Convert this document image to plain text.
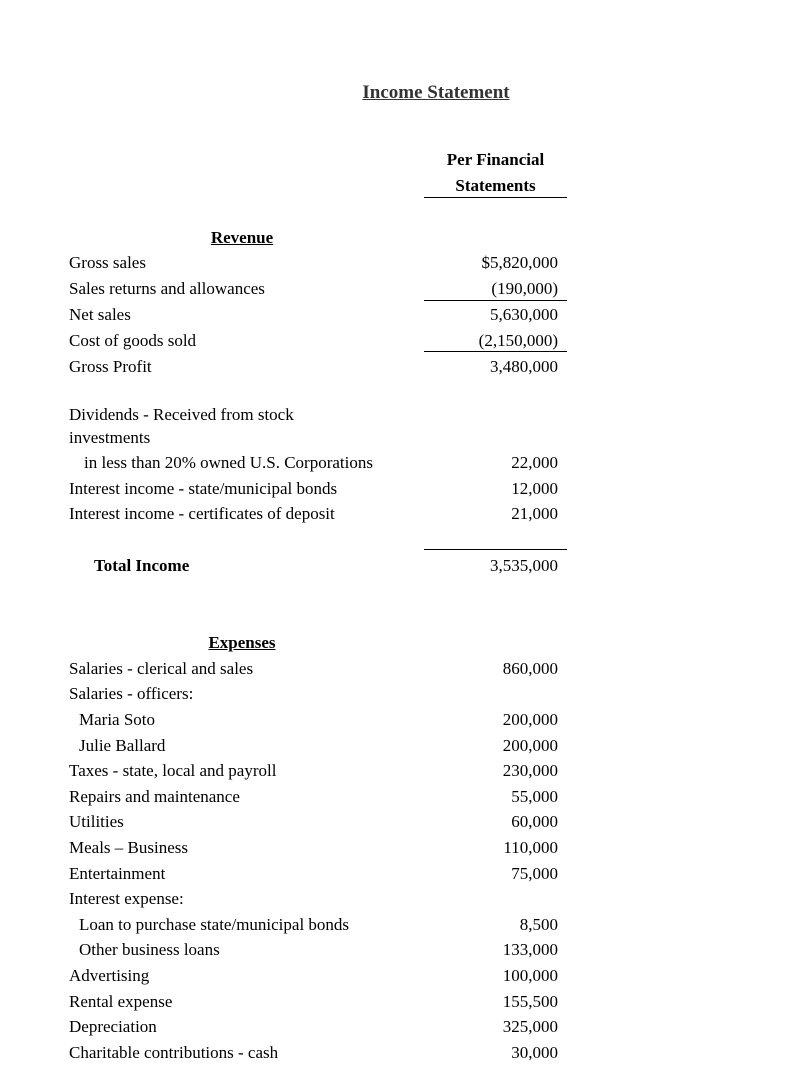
Income Statement
Per Financial
Statements
Revenue
Gross sales	$5,820,000
Sales returns and allowances	(190,000)
Net sales	5,630,000
Cost of goods sold	(2,150,000)
Gross Profit	3,480,000
Dividends - Received from stock
investments
in less than 20% owned U.S. Corporations	22,000
Interest income - state/municipal bonds	12,000
Interest income - certificates of deposit	21,000
Total Income	3,535,000
Expenses
Salaries - clerical and sales	860,000
Salaries - officers:
Maria Soto	200,000
Julie Ballard	200,000
Taxes - state, local and payroll	230,000
Repairs and maintenance	55,000
Utilities	60,000
Meals – Business	110,000
Entertainment	75,000
Interest expense:
Loan to purchase state/municipal bonds	8,500
Other business loans	133,000
Advertising	100,000
Rental expense	155,500
Depreciation	325,000
Charitable contributions - cash	30,000
